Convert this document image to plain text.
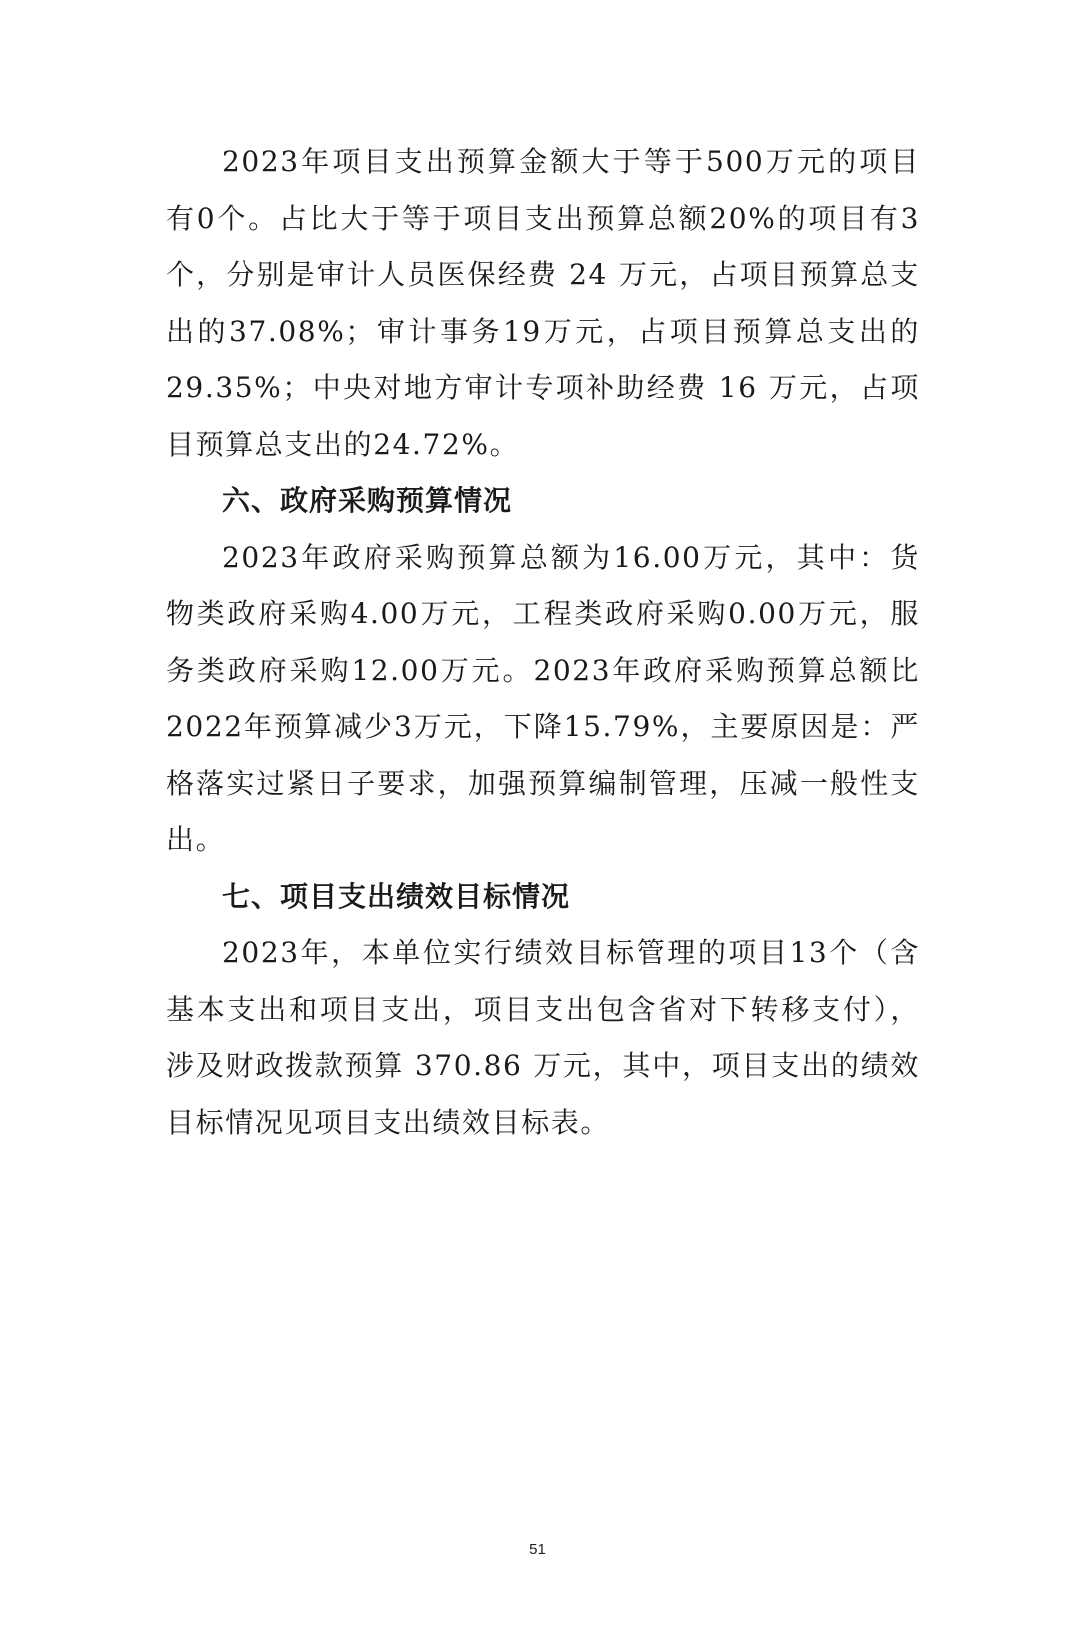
2023年项目支出预算金额大于等于500万元的项目有0个。占比大于等于项目支出预算总额20%的项目有3个，分别是审计人员医保经费 24 万元，占项目预算总支出的37.08%；审计事务19万元，占项目预算总支出的29.35%；中央对地方审计专项补助经费 16 万元，占项目预算总支出的24.72%。

六、政府采购预算情况

2023年政府采购预算总额为16.00万元，其中：货物类政府采购4.00万元，工程类政府采购0.00万元，服务类政府采购12.00万元。2023年政府采购预算总额比2022年预算减少3万元，下降15.79%，主要原因是：严格落实过紧日子要求，加强预算编制管理，压减一般性支出。

七、项目支出绩效目标情况

2023年，本单位实行绩效目标管理的项目13个（含基本支出和项目支出，项目支出包含省对下转移支付），涉及财政拨款预算 370.86 万元，其中，项目支出的绩效目标情况见项目支出绩效目标表。

51
